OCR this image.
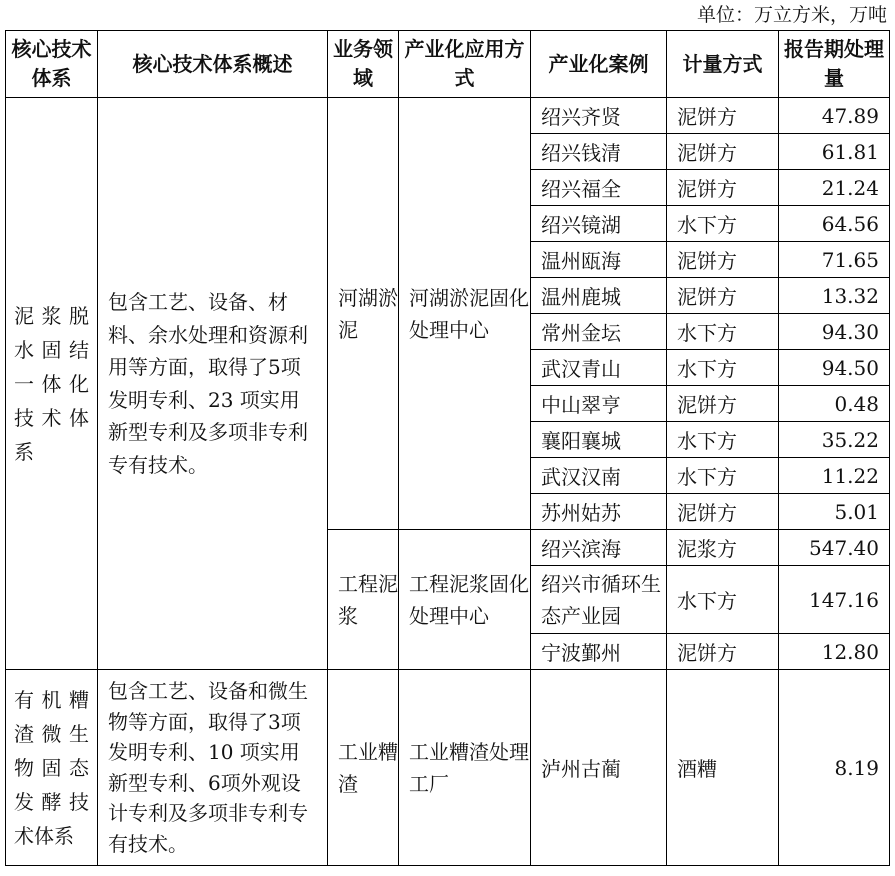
单位：万立方米，万吨
核心技术体系	核心技术体系概述	业务领域	产业化应用方式	产业化案例	计量方式	报告期处理量
泥浆脱水固结一体化技术体系	包含工艺、设备、材料、余水处理和资源利用等方面，取得了5项发明专利、23 项实用新型专利及多项非专利专有技术。	河湖淤泥	河湖淤泥固化处理中心	绍兴齐贤	泥饼方	47.89
				绍兴钱清	泥饼方	61.81
				绍兴福全	泥饼方	21.24
				绍兴镜湖	水下方	64.56
				温州瓯海	泥饼方	71.65
				温州鹿城	泥饼方	13.32
				常州金坛	水下方	94.30
				武汉青山	水下方	94.50
				中山翠亨	泥饼方	0.48
				襄阳襄城	水下方	35.22
				武汉汉南	水下方	11.22
				苏州姑苏	泥饼方	5.01
		工程泥浆	工程泥浆固化处理中心	绍兴滨海	泥浆方	547.40

				绍兴市循环生态产业园	水下方	147.16
				宁波鄞州	泥饼方	12.80
有机糟渣微生物固态发酵技术体系	包含工艺、设备和微生物等方面，取得了3项发明专利、10 项实用新型专利、6项外观设计专利及多项非专利专有技术。	工业糟渣	工业糟渣处理工厂	泸州古蔺	酒糟	8.19
